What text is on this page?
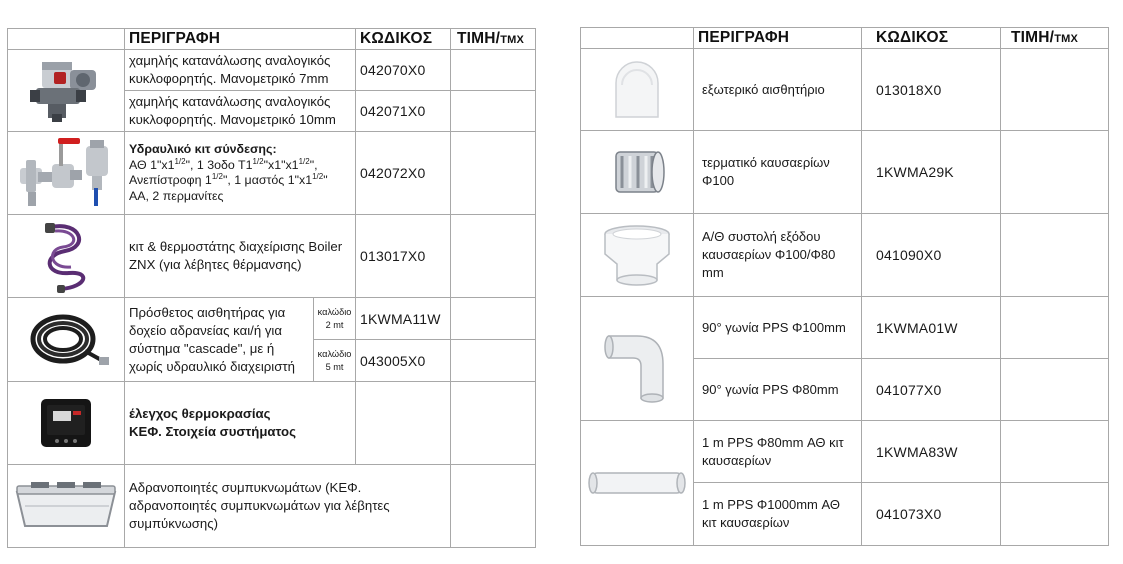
	ΠΕΡΙΓΡΑΦΗ		ΚΩΔΙΚΟΣ	ΤΙΜΗ/ΤΜΧ

	χαμηλής κατανάλωσης αναλογικός κυκλοφορητής. Μανομετρικό 7mm		042070X0	
	χαμηλής κατανάλωσης αναλογικός κυκλοφορητής. Μανομετρικό 10mm		042071X0	

Υδραυλικό κιτ σύνδεσης:
ΑΘ $1"x1^{1/2}$", 1 3οδο $T1^{1/2}"x1"x1^{1/2}$",
Ανεπίστροφη $1^{1/2}$", 1 μαστός $1"x1^{1/2}$"
ΑΑ, 2 περμανίτες		042072X0	

	κιτ & θερμοστάτης διαχείρισης Boiler ZNX (για λέβητες θέρμανσης)		013017X0	

	Πρόσθετος αισθητήρας για δοχείο αδρανείας και/ή για σύστημα "cascade", με ή χωρίς υδραυλικό διαχειριστή	καλώδιο 2 mt	1KWMA11W	
		καλώδιο 5 mt	043005X0	

έλεγχος θερμοκρασίας
ΚΕΦ. Στοιχεία συστήματος			

	Αδρανοποιητές συμπυκνωμάτων (ΚΕΦ. αδρανοποιητές συμπυκνωμάτων για λέβητες συμπύκνωσης)			
	ΠΕΡΙΓΡΑΦΗ	ΚΩΔΙΚΟΣ	ΤΙΜΗ/ΤΜΧ

	εξωτερικό αισθητήριο	013018X0	

	τερματικό καυσαερίων Φ100	1KWMA29K	

	Α/Θ συστολή εξόδου καυσαερίων Φ100/Φ80 mm	041090X0	

	90° γωνία PPS Φ100mm	1KWMA01W	
	90° γωνία PPS Φ80mm	041077X0	

	1 m PPS Φ80mm ΑΘ κιτ καυσαερίων	1KWMA83W	
	1 m PPS Φ1000mm ΑΘ κιτ καυσαερίων	041073X0	
